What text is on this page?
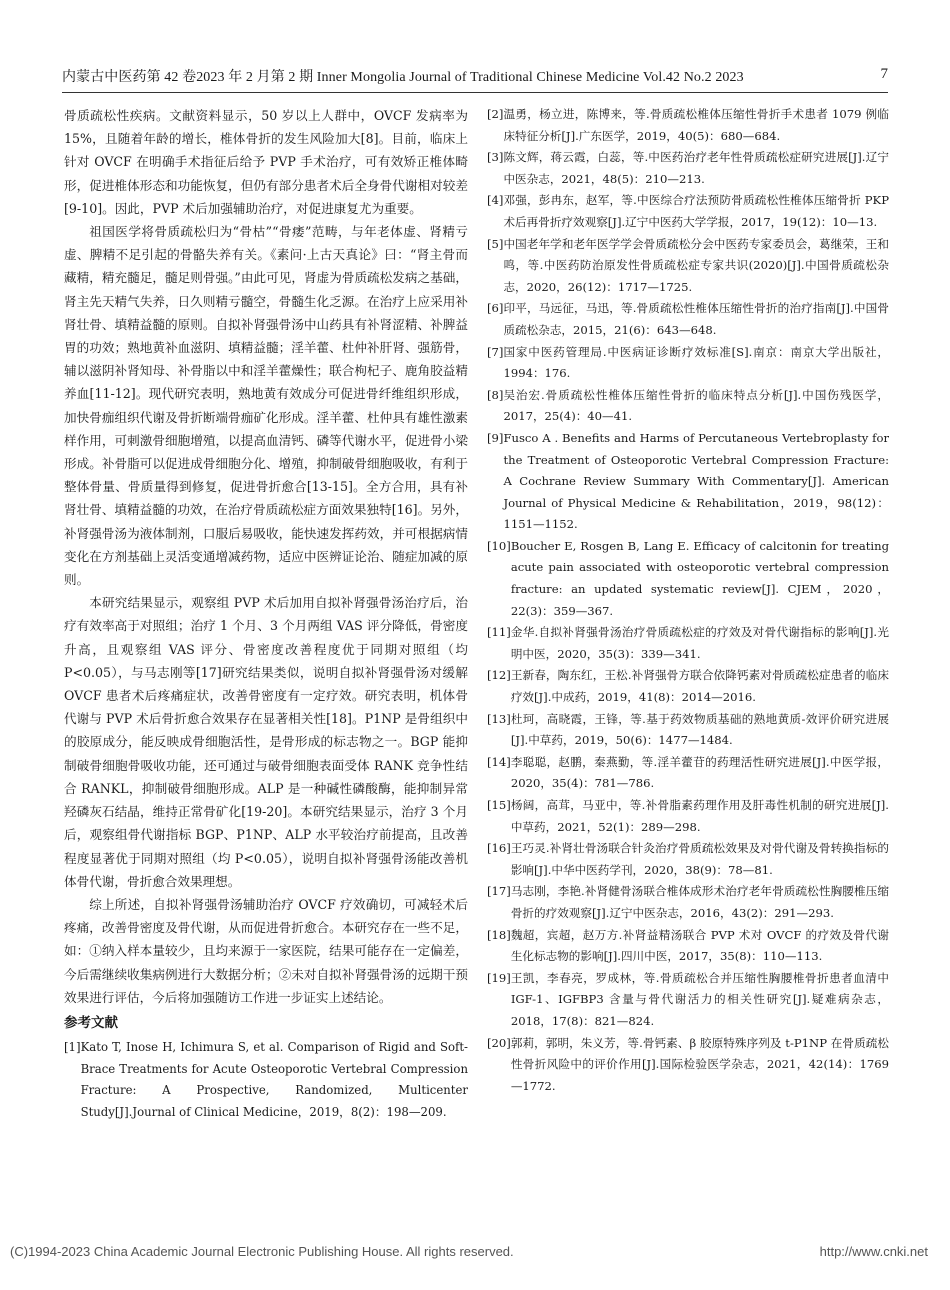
内蒙古中医药第 42 卷2023 年 2 月第 2 期 Inner Mongolia Journal of Traditional Chinese Medicine Vol.42 No.2 2023	7

骨质疏松性疾病。文献资料显示，50 岁以上人群中，OVCF 发病率为 15%，且随着年龄的增长，椎体骨折的发生风险加大[8]。目前，临床上针对 OVCF 在明确手术指征后给予 PVP 手术治疗，可有效矫正椎体畸形，促进椎体形态和功能恢复，但仍有部分患者术后全身骨代谢相对较差[9-10]。因此，PVP 术后加强辅助治疗，对促进康复尤为重要。

祖国医学将骨质疏松归为“骨枯”“骨痿”范畴，与年老体虚、肾精亏虚、脾精不足引起的骨骼失养有关。《素问·上古天真论》曰：“肾主骨而藏精，精充髓足，髓足则骨强。”由此可见，肾虚为骨质疏松发病之基础，肾主先天精气失养，日久则精亏髓空，骨髓生化乏源。在治疗上应采用补肾壮骨、填精益髓的原则。自拟补肾强骨汤中山药具有补肾涩精、补脾益胃的功效；熟地黄补血滋阴、填精益髓；淫羊藿、杜仲补肝肾、强筋骨，辅以滋阴补肾知母、补骨脂以中和淫羊藿燥性；联合枸杞子、鹿角胶益精养血[11-12]。现代研究表明，熟地黄有效成分可促进骨纤维组织形成，加快骨痂组织代谢及骨折断端骨痂矿化形成。淫羊藿、杜仲具有雄性激素样作用，可刺激骨细胞增殖，以提高血清钙、磷等代谢水平，促进骨小梁形成。补骨脂可以促进成骨细胞分化、增殖，抑制破骨细胞吸收，有利于整体骨量、骨质量得到修复，促进骨折愈合[13-15]。全方合用，具有补肾壮骨、填精益髓的功效，在治疗骨质疏松症方面效果独特[16]。另外，补肾强骨汤为液体制剂，口服后易吸收，能快速发挥药效，并可根据病情变化在方剂基础上灵活变通增减药物，适应中医辨证论治、随症加减的原则。

本研究结果显示，观察组 PVP 术后加用自拟补肾强骨汤治疗后，治疗有效率高于对照组；治疗 1 个月、3 个月两组 VAS 评分降低，骨密度升高，且观察组 VAS 评分、骨密度改善程度优于同期对照组（均 P<0.05），与马志刚等[17]研究结果类似，说明自拟补肾强骨汤对缓解 OVCF 患者术后疼痛症状，改善骨密度有一定疗效。研究表明，机体骨代谢与 PVP 术后骨折愈合效果存在显著相关性[18]。P1NP 是骨组织中的胶原成分，能反映成骨细胞活性，是骨形成的标志物之一。BGP 能抑制破骨细胞骨吸收功能，还可通过与破骨细胞表面受体 RANK 竞争性结合 RANKL，抑制破骨细胞形成。ALP 是一种碱性磷酸酶，能抑制异常羟磷灰石结晶，维持正常骨矿化[19-20]。本研究结果显示，治疗 3 个月后，观察组骨代谢指标 BGP、P1NP、ALP 水平较治疗前提高，且改善程度显著优于同期对照组（均 P<0.05），说明自拟补肾强骨汤能改善机体骨代谢，骨折愈合效果理想。

综上所述，自拟补肾强骨汤辅助治疗 OVCF 疗效确切，可减轻术后疼痛，改善骨密度及骨代谢，从而促进骨折愈合。本研究存在一些不足，如：①纳入样本量较少，且均来源于一家医院，结果可能存在一定偏差，今后需继续收集病例进行大数据分析；②未对自拟补肾强骨汤的远期干预效果进行评估，今后将加强随访工作进一步证实上述结论。

参考文献
[1] Kato T, Inose H, Ichimura S, et al. Comparison of Rigid and Soft-Brace Treatments for Acute Osteoporotic Vertebral Compression Fracture: A Prospective, Randomized, Multicenter Study[J].Journal of Clinical Medicine，2019，8(2)：198—209.
[2] 温勇，杨立进，陈博来，等.骨质疏松椎体压缩性骨折手术患者 1079 例临床特征分析[J].广东医学，2019，40(5)：680—684.
[3] 陈文辉，蒋云霞，白蕊，等.中医药治疗老年性骨质疏松症研究进展[J].辽宁中医杂志，2021，48(5)：210—213.
[4] 邓强，彭冉东，赵军，等.中医综合疗法预防骨质疏松性椎体压缩骨折 PKP 术后再骨折疗效观察[J].辽宁中医药大学学报，2017，19(12)：10—13.
[5] 中国老年学和老年医学学会骨质疏松分会中医药专家委员会，葛继荣，王和鸣，等.中医药防治原发性骨质疏松症专家共识(2020)[J].中国骨质疏松杂志，2020，26(12)：1717—1725.
[6] 印平，马远征，马迅，等.骨质疏松性椎体压缩性骨折的治疗指南[J].中国骨质疏松杂志，2015，21(6)：643—648.
[7] 国家中医药管理局.中医病证诊断疗效标准[S].南京：南京大学出版社，1994：176.
[8] 吴治宏.骨质疏松性椎体压缩性骨折的临床特点分析[J].中国伤残医学，2017，25(4)：40—41.
[9] Fusco A . Benefits and Harms of Percutaneous Vertebroplasty for the Treatment of Osteoporotic Vertebral Compression Fracture: A Cochrane Review Summary With Commentary[J]. American Journal of Physical Medicine & Rehabilitation，2019，98(12)：1151—1152.
[10] Boucher E, Rosgen B, Lang E. Efficacy of calcitonin for treating acute pain associated with osteoporotic vertebral compression fracture: an updated systematic review[J]. CJEM，2020，22(3)：359—367.
[11] 金华.自拟补肾强骨汤治疗骨质疏松症的疗效及对骨代谢指标的影响[J].光明中医，2020，35(3)：339—341.
[12] 王新春，陶东红，王松.补肾强骨方联合依降钙素对骨质疏松症患者的临床疗效[J].中成药，2019，41(8)：2014—2016.
[13] 杜珂，高晓霞，王锋，等.基于药效物质基础的熟地黄质-效评价研究进展[J].中草药，2019，50(6)：1477—1484.
[14] 李聪聪，赵鹏，秦燕勤，等.淫羊藿苷的药理活性研究进展[J].中医学报，2020，35(4)：781—786.
[15] 杨阔，高茸，马亚中，等.补骨脂素药理作用及肝毒性机制的研究进展[J].中草药，2021，52(1)：289—298.
[16] 王巧灵.补肾壮骨汤联合针灸治疗骨质疏松效果及对骨代谢及骨转换指标的影响[J].中华中医药学刊，2020，38(9)：78—81.
[17] 马志刚，李艳.补肾健骨汤联合椎体成形术治疗老年骨质疏松性胸腰椎压缩骨折的疗效观察[J].辽宁中医杂志，2016，43(2)：291—293.
[18] 魏超，宾超，赵万方.补肾益精汤联合 PVP 术对 OVCF 的疗效及骨代谢生化标志物的影响[J].四川中医，2017，35(8)：110—113.
[19] 王凯，李春亮，罗成林，等.骨质疏松合并压缩性胸腰椎骨折患者血清中 IGF-1、IGFBP3 含量与骨代谢活力的相关性研究[J].疑难病杂志，2018，17(8)：821—824.
[20] 郭莉，郭明，朱义芳，等.骨钙素、β 胶原特殊序列及 t-P1NP 在骨质疏松性骨折风险中的评价作用[J].国际检验医学杂志，2021，42(14)：1769—1772.
(C)1994-2023 China Academic Journal Electronic Publishing House. All rights reserved.	http://www.cnki.net
